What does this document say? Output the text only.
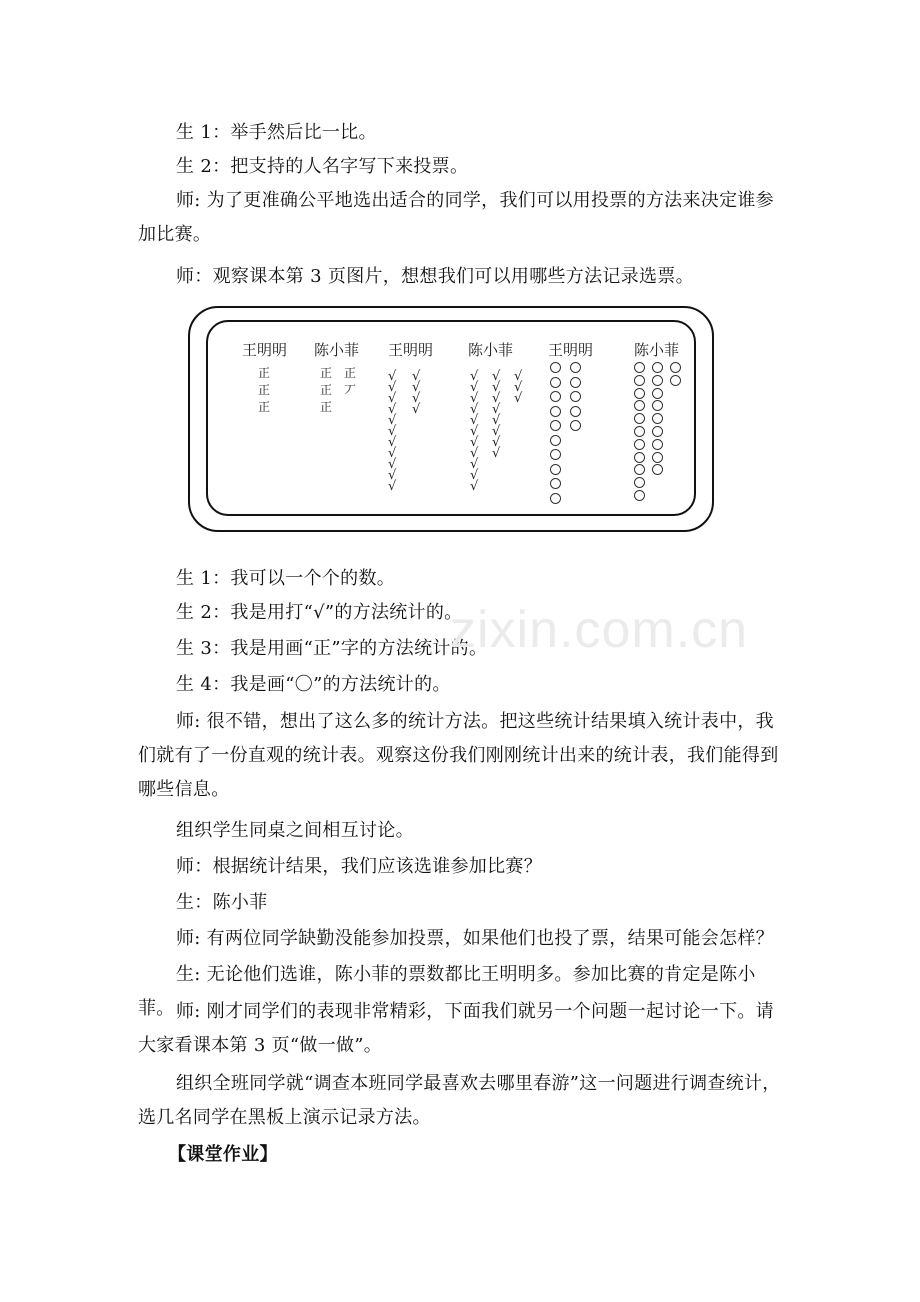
生 1：举手然后比一比。

生 2：把支持的人名字写下来投票。

师: 为了更准确公平地选出适合的同学，我们可以用投票的方法来决定谁参加比赛。

师：观察课本第 3 页图片，想想我们可以用哪些方法记录选票。

王明明 陈小菲 王明明 陈小菲 王明明	陈小菲
正
正
正
正 正
正
正
丆
√
√
√
√
√
√
√
√
√
√
√
√
√
√
√
√
√
√
√
√
√
√
√
√
√
√
√
√
√
√
√
√
√
√
√
√
√

生 1：我可以一个个的数。

生 2：我是用打“√”的方法统计的。

生 3：我是用画“正”字的方法统计的。

生 4：我是画“〇”的方法统计的。

师: 很不错，想出了这么多的统计方法。把这些统计结果填入统计表中，我们就有了一份直观的统计表。观察这份我们刚刚统计出来的统计表，我们能得到哪些信息。

组织学生同桌之间相互讨论。

师：根据统计结果，我们应该选谁参加比赛？

生：陈小菲

师: 有两位同学缺勤没能参加投票，如果他们也投了票，结果可能会怎样？

生: 无论他们选谁，陈小菲的票数都比王明明多。参加比赛的肯定是陈小菲。 师: 刚才同学们的表现非常精彩，下面我们就另一个问题一起讨论一下。请大家看课本第 3 页“做一做”。

组织全班同学就“调查本班同学最喜欢去哪里春游”这一问题进行调查统计，选几名同学在黑板上演示记录方法。

【课堂作业】

zixin.com.cn
